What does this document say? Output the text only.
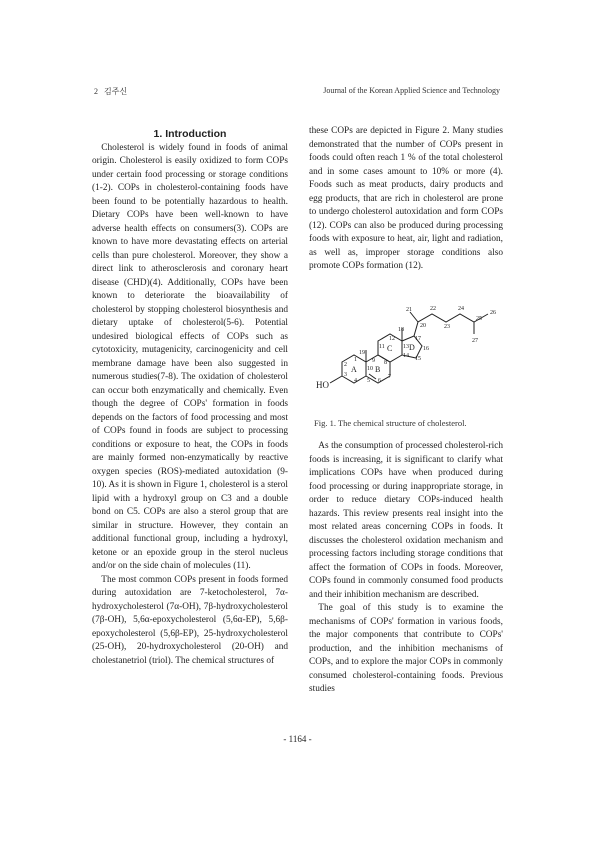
2 김주신	Journal of the Korean Applied Science and Technology

1. Introduction

Cholesterol is widely found in foods of animal origin. Cholesterol is easily oxidized to form COPs under certain food processing or storage conditions (1-2). COPs in cholesterol-containing foods have been found to be potentially hazardous to health. Dietary COPs have been well-known to have adverse health effects on consumers(3). COPs are known to have more devastating effects on arterial cells than pure cholesterol. Moreover, they show a direct link to atherosclerosis and coronary heart disease (CHD)(4). Additionally, COPs have been known to deteriorate the bioavailability of cholesterol by stopping cholesterol biosynthesis and dietary uptake of cholesterol(5-6). Potential undesired biological effects of COPs such as cytotoxicity, mutagenicity, carcinogenicity and cell membrane damage have been also suggested in numerous studies(7-8). The oxidation of cholesterol can occur both enzymatically and chemically. Even though the degree of COPs' formation in foods depends on the factors of food processing and most of COPs found in foods are subject to processing conditions or exposure to heat, the COPs in foods are mainly formed non-enzymatically by reactive oxygen species (ROS)-mediated autoxidation (9-10). As it is shown in Figure 1, cholesterol is a sterol lipid with a hydroxyl group on C3 and a double bond on C5. COPs are also a sterol group that are similar in structure. However, they contain an additional functional group, including a hydroxyl, ketone or an epoxide group in the sterol nucleus and/or on the side chain of molecules (11).

The most common COPs present in foods formed during autoxidation are 7-ketocholesterol, 7α-hydroxycholesterol (7α-OH), 7β-hydroxycholesterol (7β-OH), 5,6α-epoxycholesterol (5,6α-EP), 5,6β-epoxycholesterol (5,6β-EP), 25-hydroxycholesterol (25-OH), 20-hydroxycholesterol (20-OH) and cholestanetriol (triol). The chemical structures of

these COPs are depicted in Figure 2. Many studies demonstrated that the number of COPs present in foods could often reach 1 % of the total cholesterol and in some cases amount to 10% or more (4). Foods such as meat products, dairy products and egg products, that are rich in cholesterol are prone to undergo cholesterol autoxidation and form COPs (12). COPs can also be produced during processing foods with exposure to heat, air, light and radiation, as well as, improper storage conditions also promote COPs formation (12).

HO
A B
C D
1
2
3
4 5 6
7
8
9
10
11
12
13
14 15
16
17
18
19
20
21	22
23
24
25
26
27
Fig. 1. The chemical structure of cholesterol.

As the consumption of processed cholesterol-rich foods is increasing, it is significant to clarify what implications COPs have when produced during food processing or during inappropriate storage, in order to reduce dietary COPs-induced health hazards. This review presents real insight into the most related areas concerning COPs in foods. It discusses the cholesterol oxidation mechanism and processing factors including storage conditions that affect the formation of COPs in foods. Moreover, COPs found in commonly consumed food products and their inhibition mechanism are described.

The goal of this study is to examine the mechanisms of COPs' formation in various foods, the major components that contribute to COPs' production, and the inhibition mechanisms of COPs, and to explore the major COPs in commonly consumed cholesterol-containing foods. Previous studies

- 1164 -
